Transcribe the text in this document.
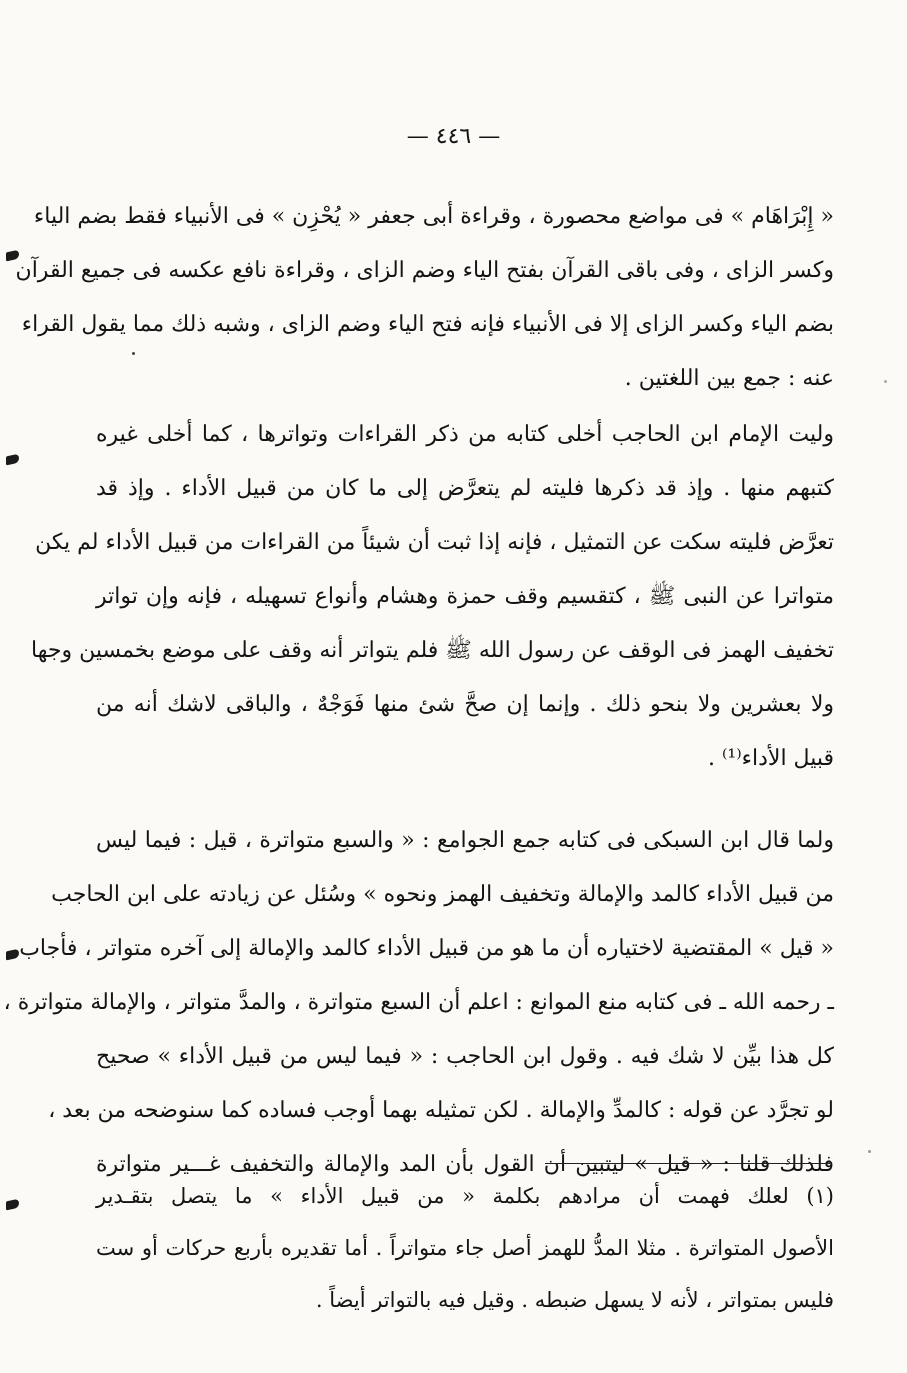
— ٤٤٦ —
« إِبْرَاهَام » فى مواضع محصورة ، وقراءة أبى جعفر « يُحْزِن » فى الأنبياء فقط بضم الياء
وكسر الزاى ، وفى باقى القرآن بفتح الياء وضم الزاى ، وقراءة نافع عكسه فى جميع القرآن
بضم الياء وكسر الزاى إلا فى الأنبياء فإنه فتح الياء وضم الزاى ، وشبه ذلك مما يقول القراء
عنه : جمع بين اللغتين .
وليت الإمام ابن الحاجب أخلى كتابه من ذكر القراءات وتواترها ، كما أخلى غيره
كتبهم منها . وإذ قد ذكرها فليته لم يتعرَّض إلى ما كان من قبيل الأداء . وإذ قد
تعرَّض فليته سكت عن التمثيل ، فإنه إذا ثبت أن شيئاً من القراءات من قبيل الأداء لم يكن
متواترا عن النبى ﷺ ، كتقسيم وقف حمزة وهشام وأنواع تسهيله ، فإنه وإن تواتر
تخفيف الهمز فى الوقف عن رسول الله ﷺ فلم يتواتر أنه وقف على موضع بخمسين وجها
ولا بعشرين ولا بنحو ذلك . وإنما إن صحَّ شئ منها فَوَجْهٌ ، والباقى لاشك أنه من
قبيل الأداء⁽¹⁾ .
ولما قال ابن السبكى فى كتابه جمع الجوامع : « والسبع متواترة ، قيل : فيما ليس
من قبيل الأداء كالمد والإمالة وتخفيف الهمز ونحوه » وسُئل عن زيادته على ابن الحاجب
« قيل » المقتضية لاختياره أن ما هو من قبيل الأداء كالمد والإمالة إلى آخره متواتر ، فأجاب
ـ رحمه الله ـ فى كتابه منع الموانع : اعلم أن السبع متواترة ، والمدَّ متواتر ، والإمالة متواترة ،
كل هذا بيِّن لا شك فيه . وقول ابن الحاجب : « فيما ليس من قبيل الأداء » صحيح
لو تجرَّد عن قوله : كالمدِّ والإمالة . لكن تمثيله بهما أوجب فساده كما سنوضحه من بعد ،
فلذلك قلنا : « قيل » ليتبين أن القول بأن المد والإمالة والتخفيف غـــير متواترة
(١) لعلك فهمت أن مرادهم بكلمة « من قبيل الأداء » ما يتصل بتقـدير
الأصول المتواترة . مثلا المدُّ للهمز أصل جاء متواتراً . أما تقديره بأربع حركات أو ست
فليس بمتواتر ، لأنه لا يسهل ضبطه . وقيل فيه بالتواتر أيضاً .
